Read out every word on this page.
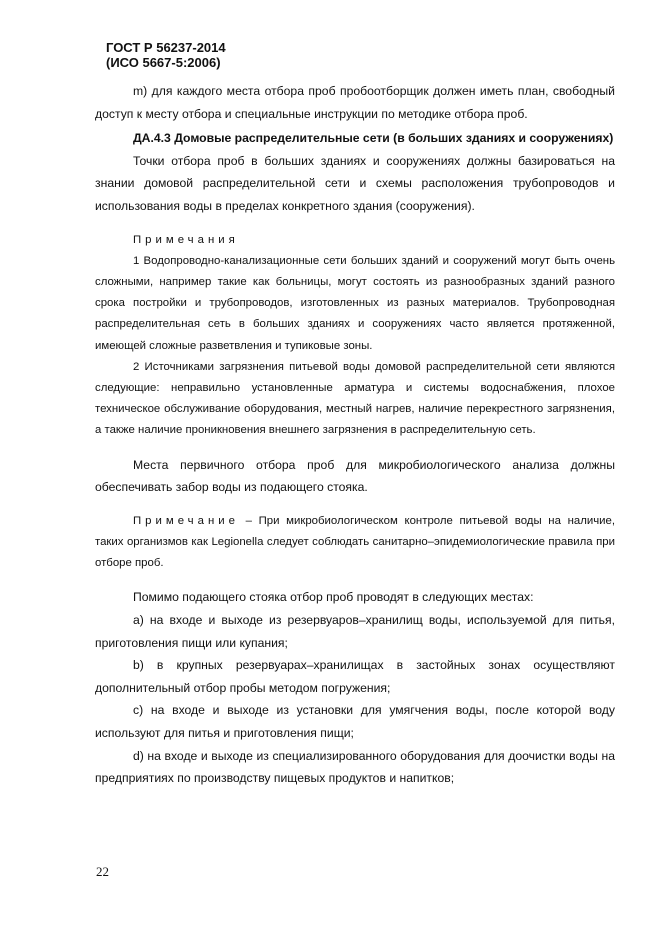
ГОСТ Р 56237-2014
(ИСО 5667-5:2006)

m) для каждого места отбора проб пробоотборщик должен иметь план, свободный доступ к месту отбора и специальные инструкции по методике отбора проб.

ДА.4.3 Домовые распределительные сети (в больших зданиях и сооружениях)

Точки отбора проб в больших зданиях и сооружениях должны базироваться на знании домовой распределительной сети и схемы расположения трубопроводов и использования воды в пределах конкретного здания (сооружения).

Примечания

1 Водопроводно-канализационные сети больших зданий и сооружений могут быть очень сложными, например такие как больницы, могут состоять из разнообразных зданий разного срока постройки и трубопроводов, изготовленных из разных материалов. Трубопроводная распределительная сеть в больших зданиях и сооружениях часто является протяженной, имеющей сложные разветвления и тупиковые зоны.

2 Источниками загрязнения питьевой воды домовой распределительной сети являются следующие: неправильно установленные арматура и системы водоснабжения, плохое техническое обслуживание оборудования, местный нагрев, наличие перекрестного загрязнения, а также наличие проникновения внешнего загрязнения в распределительную сеть.

Места первичного отбора проб для микробиологического анализа должны обеспечивать забор воды из подающего стояка.

Примечание – При микробиологическом контроле питьевой воды на наличие, таких организмов как Legionella следует соблюдать санитарно–эпидемиологические правила при отборе проб.

Помимо подающего стояка отбор проб проводят в следующих местах:

а) на входе и выходе из резервуаров–хранилищ воды, используемой для питья, приготовления пищи или купания;

b) в крупных резервуарах–хранилищах в застойных зонах осуществляют дополнительный отбор пробы методом погружения;

с) на входе и выходе из установки для умягчения воды, после которой воду используют для питья и приготовления пищи;

d) на входе и выходе из специализированного оборудования для доочистки воды на предприятиях по производству пищевых продуктов и напитков;

22
